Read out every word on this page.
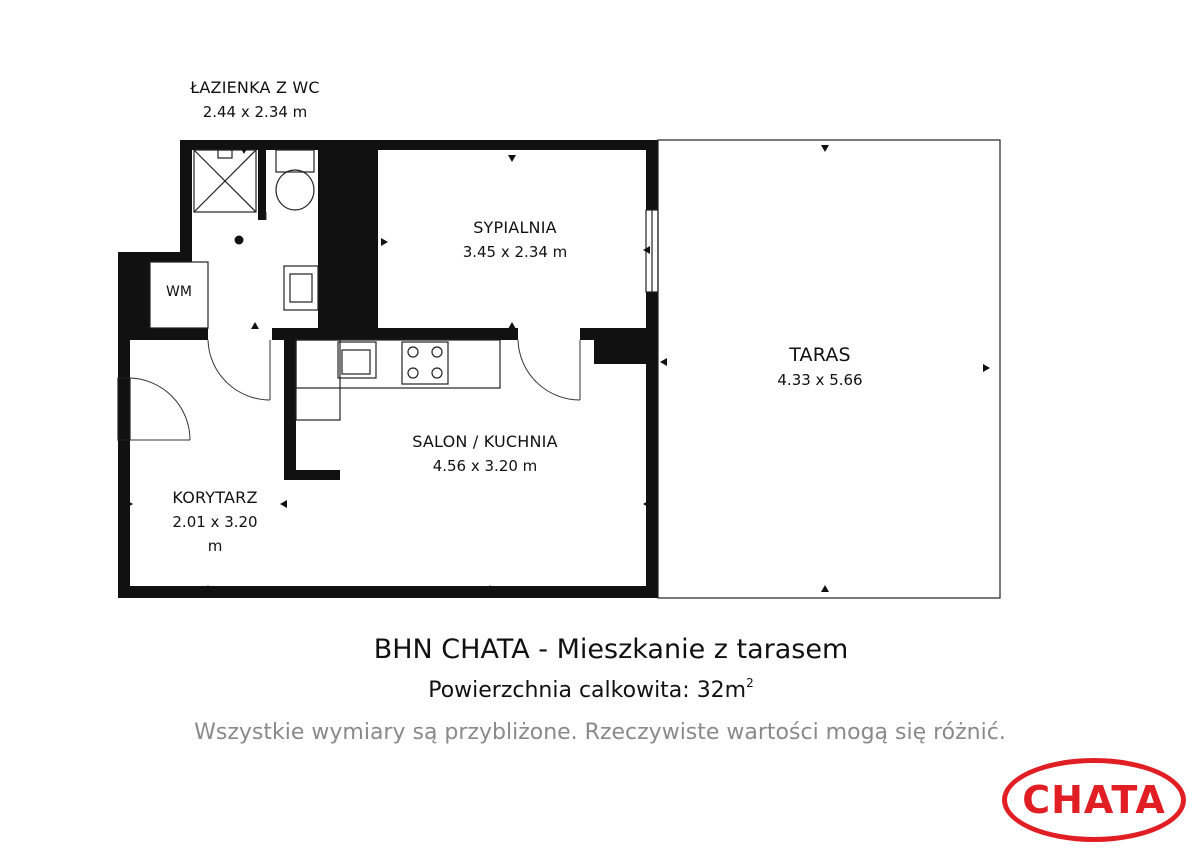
ŁAZIENKA Z WC
2.44 x 2.34 m
SYPIALNIA
3.45 x 2.34 m
TARAS
4.33 x 5.66
SALON / KUCHNIA
4.56 x 3.20 m
KORYTARZ
2.01 x 3.20
m
WM
BHN CHATA - Mieszkanie z tarasem
Powierzchnia calkowita: $32m^2$
Wszystkie wymiary są przybliżone. Rzeczywiste wartości mogą się różnić.
CHATA
